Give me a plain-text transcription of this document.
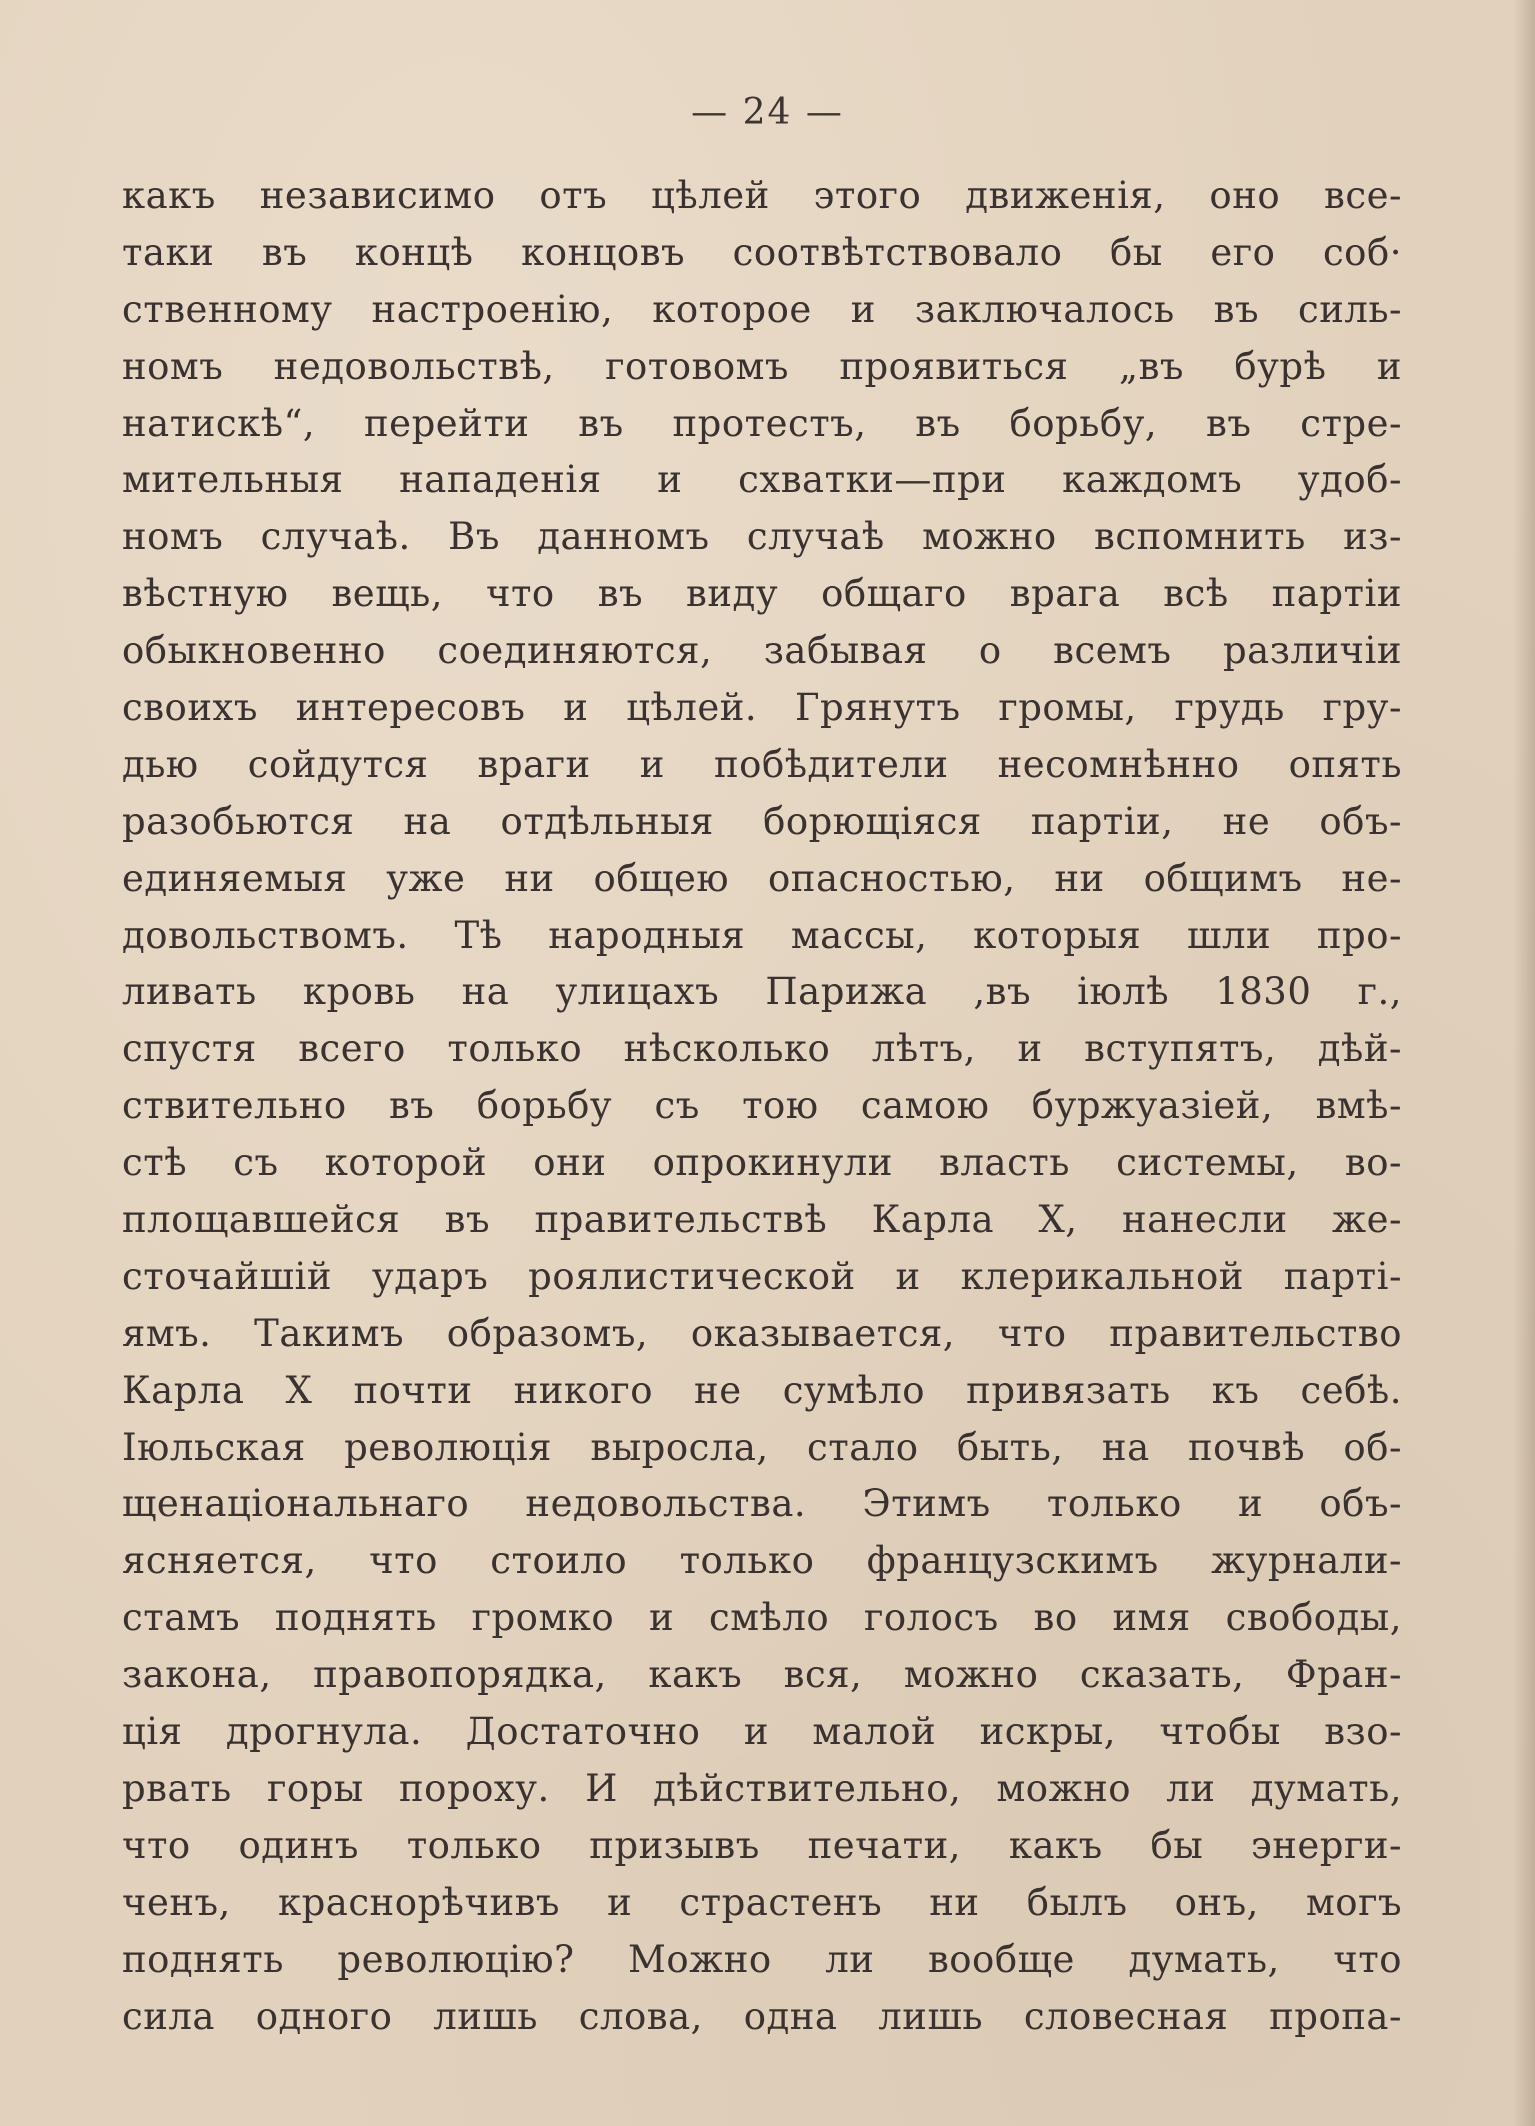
— 24 —
какъ независимо отъ цѣлей этого движенія, оно все-
таки въ концѣ концовъ соотвѣтствовало бы его соб·
ственному настроенію, которое и заключалось въ силь-
номъ недовольствѣ, готовомъ проявиться „въ бурѣ и
натискѣ“, перейти въ протестъ, въ борьбу, въ стре-
мительныя нападенія и схватки—при каждомъ удоб-
номъ случаѣ. Въ данномъ случаѣ можно вспомнить из-
вѣстную вещь, что въ виду общаго врага всѣ партіи
обыкновенно соединяются, забывая о всемъ различіи
своихъ интересовъ и цѣлей. Грянутъ громы, грудь гру-
дью сойдутся враги и побѣдители несомнѣнно опять
разобьются на отдѣльныя борющіяся партіи, не объ-
единяемыя уже ни общею опасностью, ни общимъ не-
довольствомъ. Тѣ народныя массы, которыя шли про-
ливать кровь на улицахъ Парижа ,въ іюлѣ 1830 г.,
спустя всего только нѣсколько лѣтъ, и вступятъ, дѣй-
ствительно въ борьбу съ тою самою буржуазіей, вмѣ-
стѣ съ которой они опрокинули власть системы, во-
площавшейся въ правительствѣ Карла X, нанесли же-
сточайшій ударъ роялистической и клерикальной партi-
ямъ. Такимъ образомъ, оказывается, что правительство
Карла X почти никого не сумѣло привязать къ себѣ.
Іюльская революція выросла, стало быть, на почвѣ об-
щенаціональнаго недовольства. Этимъ только и объ-
ясняется, что стоило только французскимъ журнали-
стамъ поднять громко и смѣло голосъ во имя свободы,
закона, правопорядка, какъ вся, можно сказать, Фран-
ція дрогнула. Достаточно и малой искры, чтобы взо-
рвать горы пороху. И дѣйствительно, можно ли думать,
что одинъ только призывъ печати, какъ бы энерги-
ченъ, краснорѣчивъ и страстенъ ни былъ онъ, могъ
поднять революцію? Можно ли вообще думать, что
сила одного лишь слова, одна лишь словесная пропа-
